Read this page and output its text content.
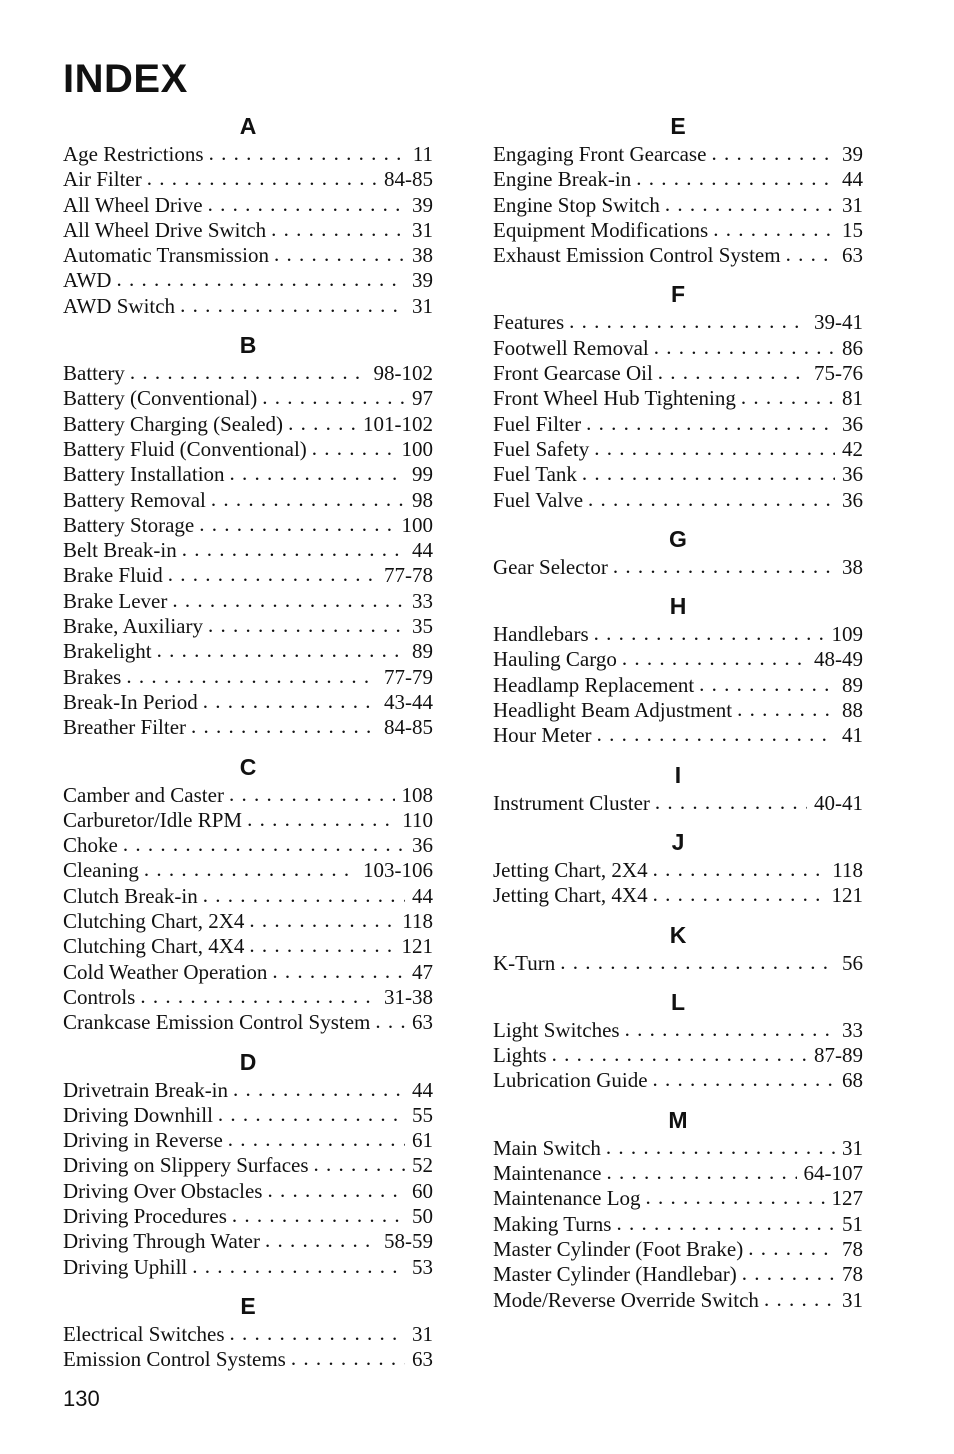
INDEX
A
Age Restrictions . . .	11
Air Filter . . .	84-85
All Wheel Drive . . .	39
All Wheel Drive Switch . . .	31
Automatic Transmission . . .	38
AWD . . .	39
AWD Switch . . .	31
B
Battery . . .	98-102
Battery (Conventional) . . .	97
Battery Charging (Sealed) . . .	101-102
Battery Fluid (Conventional) . . .	100
Battery Installation . . .	99
Battery Removal . . .	98
Battery Storage . . .	100
Belt Break-in . . .	44
Brake Fluid . . .	77-78
Brake Lever . . .	33
Brake, Auxiliary . . .	35
Brakelight . . .	89
Brakes . . .	77-79
Break-In Period . . .	43-44
Breather Filter . . .	84-85
C
Camber and Caster . . .	108
Carburetor/Idle RPM . . .	110
Choke . . .	36
Cleaning . . .	103-106
Clutch Break-in . . .	44
Clutching Chart, 2X4 . . .	118
Clutching Chart, 4X4 . . .	121
Cold Weather Operation . . .	47
Controls . . .	31-38
Crankcase Emission Control System . . . 63
D
Drivetrain Break-in . . .	44
Driving Downhill . . .	55
Driving in Reverse . . .	61
Driving on Slippery Surfaces . . .	52
Driving Over Obstacles . . .	60
Driving Procedures . . .	50
Driving Through Water . . .	58-59
Driving Uphill . . .	53
E
Electrical Switches . . .	31
Emission Control Systems . . .	63
E
Engaging Front Gearcase . . .	39
Engine Break-in . . .	44
Engine Stop Switch . . .	31
Equipment Modifications . . .	15
Exhaust Emission Control System . . .	63
F
Features . . .	39-41
Footwell Removal . . .	86
Front Gearcase Oil . . .	75-76
Front Wheel Hub Tightening . . .	81
Fuel Filter . . .	36
Fuel Safety . . .	42
Fuel Tank . . .	36
Fuel Valve . . .	36
G
Gear Selector . . .	38
H
Handlebars . . .	109
Hauling Cargo . . .	48-49
Headlamp Replacement . . .	89
Headlight Beam Adjustment . . .	88
Hour Meter . . .	41
I
Instrument Cluster . . .	40-41
J
Jetting Chart, 2X4 . . .	118
Jetting Chart, 4X4 . . .	121
K
K-Turn . . .	56
L
Light Switches . . .	33
Lights . . .	87-89
Lubrication Guide . . .	68
M
Main Switch . . .	31
Maintenance . . .	64-107
Maintenance Log . . .	127
Making Turns . . .	51
Master Cylinder (Foot Brake) . . .	78
Master Cylinder (Handlebar) . . .	78
Mode/Reverse Override Switch . . .	31
130
